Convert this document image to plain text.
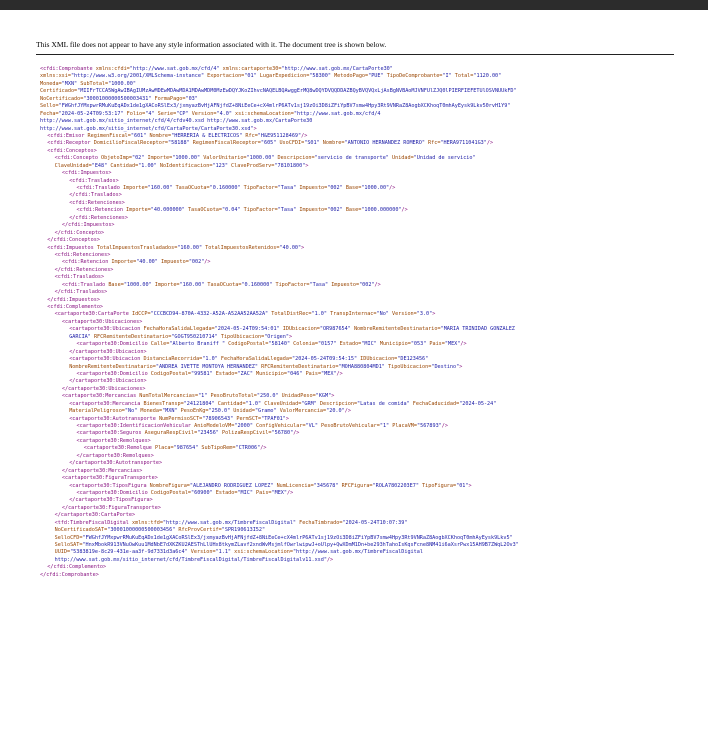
This XML file does not appear to have any style information associated with it. The document tree is shown below.
<cfdi:Comprobante xmlns:cfdi="http://www.sat.gob.mx/cfd/4" xmlns:cartaporte30="http://www.sat.gob.mx/CartaPorte30"
xmlns:xsi="http://www.w3.org/2001/XMLSchema-instance" Exportacion="01" LugarExpedicion="58300" MetodoPago="PUE" TipoDeComprobante="I" Total="1120.00"
Moneda="MXN" SubTotal="1000.00"
Certificado="MIIFrTCCA5WgAwIBAgIUMzAwMDEwMDAwMDA1MDAwMDM0MzEwDQYJKoZIhvcNAQELBQAwggErMQ8wDQYDVQQDDAZBQyBVQVQxLjAsBgNVBAoMJVNFUlZJQ0lPIERFIEFETUlOSVNUUkFD"
NoCertificado="30001000000500003431" FormaPago="03"
Sello="FWGhfJYMxpwrRMuKuEqADx1de1gXACoRSlEx3/jxmyazBvHjAFNjfdZ+8NiEeCe+cX4mlrP6ATv1sj19zOi3D8iZFiYpBV7smw4Hpy3Rt9VNRaZ8AogbXCKhoqT0mhAyEysk9Lkv50rvH1Y9"
Fecha="2024-05-24T09:53:17" Folio="4" Serie="CP" Version="4.0" xsi:schemaLocation="http://www.sat.gob.mx/cfd/4
http://www.sat.gob.mx/sitio_internet/cfd/4/cfdv40.xsd http://www.sat.gob.mx/CartaPorte30
http://www.sat.gob.mx/sitio_internet/cfd/CartaPorte/CartaPorte30.xsd">
<cfdi:Emisor RegimenFiscal="601" Nombre="HERRERIA & ELECTRICOS" Rfc="H&E951128469"/>
<cfdi:Receptor DomicilioFiscalReceptor="58188" RegimenFiscalReceptor="605" UsoCFDI="S01" Nombre="ANTONIO HERNANDEZ ROMERO" Rfc="HERA9711041G3"/>
<cfdi:Conceptos>
<cfdi:Concepto ObjetoImp="02" Importe="1000.00" ValorUnitario="1000.00" Descripcion="servicio de transporte" Unidad="Unidad de servicio"
ClaveUnidad="E48" Cantidad="1.00" NoIdentificacion="123" ClaveProdServ="78101800">
<cfdi:Impuestos>
<cfdi:Traslados>
<cfdi:Traslado Importe="160.00" TasaOCuota="0.160000" TipoFactor="Tasa" Impuesto="002" Base="1000.00"/>
</cfdi:Traslados>
<cfdi:Retenciones>
<cfdi:Retencion Importe="40.000000" TasaOCuota="0.04" TipoFactor="Tasa" Impuesto="002" Base="1000.000000"/>
</cfdi:Retenciones>
</cfdi:Impuestos>
</cfdi:Concepto>
</cfdi:Conceptos>
<cfdi:Impuestos TotalImpuestosTrasladados="160.00" TotalImpuestosRetenidos="40.00">
<cfdi:Retenciones>
<cfdi:Retencion Importe="40.00" Impuesto="002"/>
</cfdi:Retenciones>
<cfdi:Traslados>
<cfdi:Traslado Base="1000.00" Importe="160.00" TasaOCuota="0.160000" TipoFactor="Tasa" Impuesto="002"/>
</cfdi:Traslados>
</cfdi:Impuestos>
<cfdi:Complemento>
<cartaporte30:CartaPorte IdCCP="CCCBCD94-870A-4332-A52A-A52AA52AA52A" TotalDistRec="1.0" TranspInternac="No" Version="3.0">
<cartaporte30:Ubicaciones>
<cartaporte30:Ubicacion FechaHoraSalidaLlegada="2024-05-24T09:54:01" IDUbicacion="OR987654" NombreRemitenteDestinatario="MARIA TRINIDAD GONZALEZ
GARCIA" RFCRemitenteDestinatario="GOGT950210714" TipoUbicacion="Origen">
<cartaporte30:Domicilio Calle="Alberto Braniff " CodigoPostal="58140" Colonia="0157" Estado="MIC" Municipio="053" Pais="MEX"/>
</cartaporte30:Ubicacion>
<cartaporte30:Ubicacion DistanciaRecorrida="1.0" FechaHoraSalidaLlegada="2024-05-24T09:54:15" IDUbicacion="DE123456"
NombreRemitenteDestinatario="ANDREA IVETTE MONTOYA HERNANDEZ" RFCRemitenteDestinatario="MOHA880804MD1" TipoUbicacion="Destino">
<cartaporte30:Domicilio CodigoPostal="99581" Estado="ZAC" Municipio="046" Pais="MEX"/>
</cartaporte30:Ubicacion>
</cartaporte30:Ubicaciones>
<cartaporte30:Mercancias NumTotalMercancias="1" PesoBrutoTotal="250.0" UnidadPeso="KGM">
<cartaporte30:Mercancia BienesTransp="24121804" Cantidad="1.0" ClaveUnidad="GRM" Descripcion="Latas de comida" FechaCaducidad="2024-05-24"
MaterialPeligroso="No" Moneda="MXN" PesoEnKg="250.0" Unidad="Gramo" ValorMercancia="20.0"/>
<cartaporte30:Autotransporte NumPermisoSCT="78906543" PermSCT="TPAF01">
<cartaporte30:IdentificacionVehicular AnioModeloVM="2000" ConfigVehicular="VL" PesoBrutoVehicular="1" PlacaVM="567893"/>
<cartaporte30:Seguros AseguraRespCivil="23456" PolizaRespCivil="56780"/>
<cartaporte30:Remolques>
<cartaporte30:Remolque Placa="987654" SubTipoRem="CTR006"/>
</cartaporte30:Remolques>
</cartaporte30:Autotransporte>
</cartaporte30:Mercancias>
<cartaporte30:FiguraTransporte>
<cartaporte30:TiposFigura NombreFigura="ALEJANDRO RODRIGUEZ LOPEZ" NumLicencia="345678" RFCFigura="ROLA7802203E7" TipoFigura="01">
<cartaporte30:Domicilio CodigoPostal="60900" Estado="MIC" Pais="MEX"/>
</cartaporte30:TiposFigura>
</cartaporte30:FiguraTransporte>
</cartaporte30:CartaPorte>
<tfd:TimbreFiscalDigital xmlns:tfd="http://www.sat.gob.mx/TimbreFiscalDigital" FechaTimbrado="2024-05-24T10:07:39"
NoCertificadoSAT="30001000000500003456" RfcProvCertif="SPR190613I52"
SelloCFD="FWGhfJYMxpwrRMuKuEqADx1de1gXACoRSlEx3/jxmyazBvHjAFNjfdZ+8NiEeCe+cX4mlrP6ATv1sj19zOi3D8iZFiYpBV7smw4Hpy3Rt9VNRaZ8AogbXCKhoqT0mhAyEysk9Lkv5"
SelloSAT="HnxMbokR913VNuOwKuu1MdNbE7dXKZKU2AESThLlUHx8tkymZLavf2xndWvMsjmlfOwrlwipwJ+oUlpy+QwXDmM1Dn+be293hTahoIsKqsFcne8NM41i6aXsrPwx15AH9B7ZWqL2Ov3"
UUID="5383819e-8c29-431e-aa3f-9d7331d3a6c4" Version="1.1" xsi:schemaLocation="http://www.sat.gob.mx/TimbreFiscalDigital
http://www.sat.gob.mx/sitio_internet/cfd/TimbreFiscalDigital/TimbreFiscalDigitalv11.xsd"/>
</cfdi:Complemento>
</cfdi:Comprobante>
